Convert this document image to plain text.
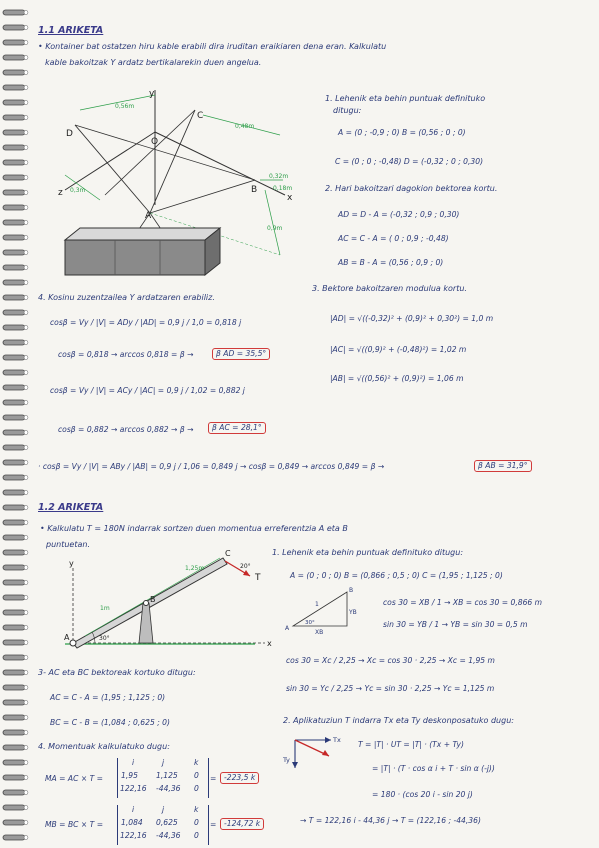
1.1 ARIKETA
• Kontainer bat ostatzen hiru kable erabili dira iruditan eraikiaren dena eran. Kalkulatu
kable bakoitzak Y ardatz bertikalarekin duen angelua.
0,56m
0,48m
0,32m
0,3m
0,9m
0,18m
y
x
z
D
C
B
A
O
1. Lehenik eta behin puntuak definituko
ditugu:
A = (0 ; -0,9 ; 0) B = (0,56 ; 0 ; 0)
C = (0 ; 0 ; -0,48) D = (-0,32 ; 0 ; 0,30)
2. Hari bakoitzari dagokion bektorea kortu.
AD = D - A = (-0,32 ; 0,9 ; 0,30)
AC = C - A = ( 0 ; 0,9 ; -0,48)
AB = B - A = (0,56 ; 0,9 ; 0)
3. Bektore bakoitzaren modulua kortu.
|AD| = √((-0,32)² + (0,9)² + 0,30²) = 1,0 m
|AC| = √((0,9)² + (-0,48)²) = 1,02 m
|AB| = √((0,56)² + (0,9)²) = 1,06 m
4. Kosinu zuzentzailea Y ardatzaren erabiliz.
cosβ = Vy / |V| = ADy / |AD| = 0,9 j / 1,0 = 0,818 j
cosβ = 0,818 → arccos 0,818 = β →	β AD = 35,5°
cosβ = Vy / |V| = ACy / |AC| = 0,9 j / 1,02 = 0,882 j
cosβ = 0,882 → arccos 0,882 → β →	β AC = 28,1°
· cosβ = Vy / |V| = ABy / |AB| = 0,9 j / 1,06 = 0,849 j → cosβ = 0,849 → arccos 0,849 = β →	β AB = 31,9°
1.2 ARIKETA
• Kalkulatu T = 180N indarrak sortzen duen momentua erreferentzia A eta B
puntuetan.
y
x
A
B
C
T
1m
1,25m
30°
20°
1. Lehenik eta behin puntuak definituko ditugu:
A = (0 ; 0 ; 0) B = (0,866 ; 0,5 ; 0) C = (1,95 ; 1,125 ; 0)
A
B
XB
YB
1
30°
cos 30 = XB / 1 → XB = cos 30 = 0,866 m
sin 30 = YB / 1 → YB = sin 30 = 0,5 m
cos 30 = Xc / 2,25 → Xc = cos 30 · 2,25 → Xc = 1,95 m
sin 30 = Yc / 2,25 → Yc = sin 30 · 2,25 → Yc = 1,125 m
3- AC eta BC bektoreak kortuko ditugu:
AC = C - A = (1,95 ; 1,125 ; 0)
BC = C - B = (1,084 ; 0,625 ; 0)	2. Aplikatuziun T indarra Tx eta Ty deskonposatuko dugu:
Tx
Ty
T = |T| · UT = |T| · (Tx + Ty)
= |T| · (T · cos α i + T · sin α (-j))
= 180 · (cos 20 i - sin 20 j)
→ T = 122,16 i - 44,36 j → T = (122,16 ; -44,36)
4. Momentuak kalkulatuko dugu:
MA = AC × T =
i	j	k
1,95 1,125 0
122,16 -44,36 0
=	-223,5 k
MB = BC × T =
i	j	k
1,084 0,625 0
122,16 -44,36 0
=	-124,72 k
